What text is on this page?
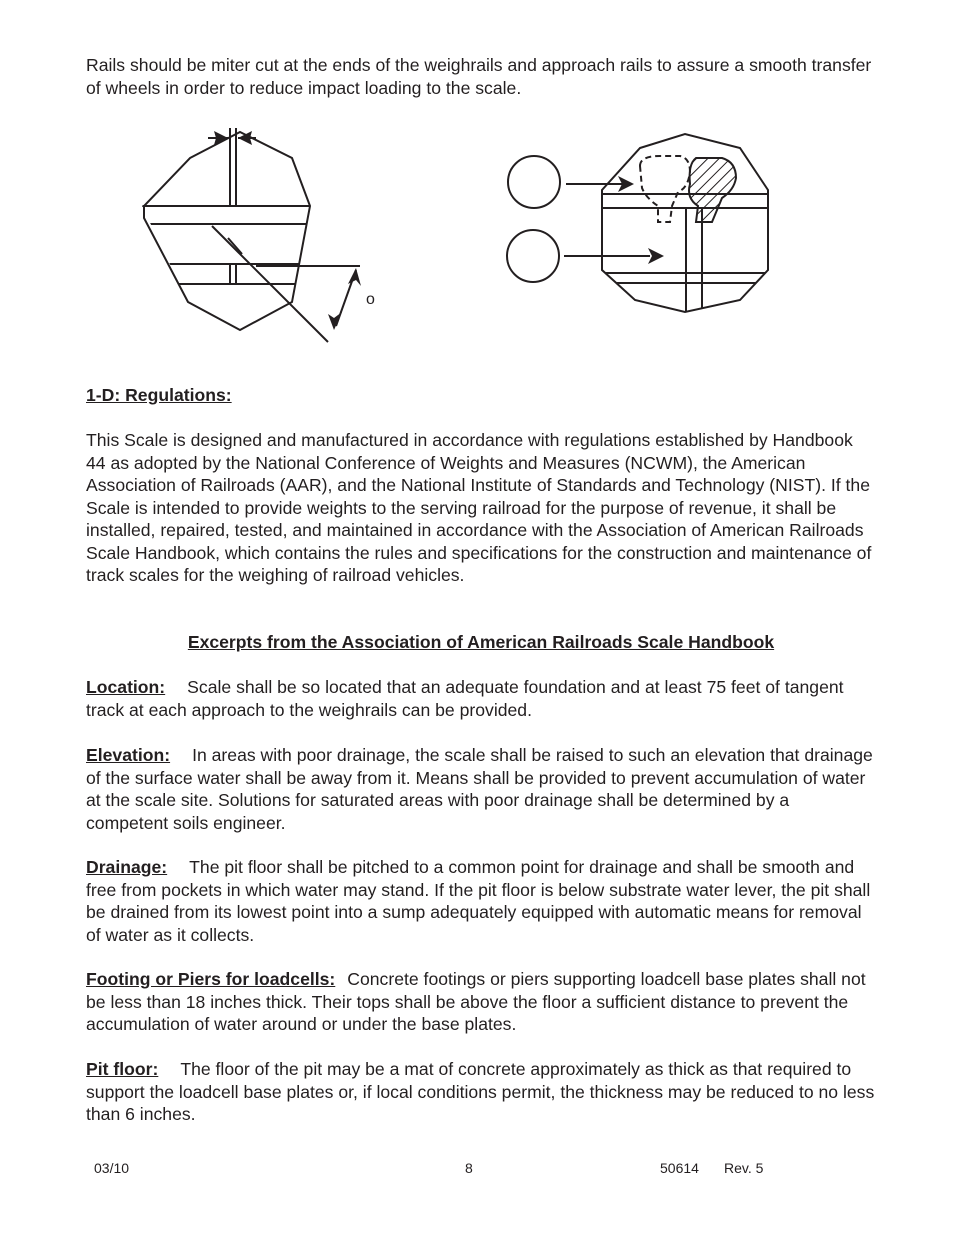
Rails should be miter cut at the ends of the weighrails and approach rails to assure a smooth transfer of wheels in order to reduce impact loading to the scale.

o
1-D: Regulations:

This Scale is designed and manufactured in accordance with regulations established by Handbook 44 as adopted by the National Conference of Weights and Measures (NCWM), the American Association of Railroads (AAR), and the National Institute of Standards and Technology (NIST). If the Scale is intended to provide weights to the serving railroad for the purpose of revenue, it shall be installed, repaired, tested, and maintained in accordance with the Association of American Railroads Scale Handbook, which contains the rules and specifications for the construction and maintenance of track scales for the weighing of railroad vehicles.

Excerpts from the Association of American Railroads Scale Handbook

Location: Scale shall be so located that an adequate foundation and at least 75 feet of tangent track at each approach to the weighrails can be provided.

Elevation: In areas with poor drainage, the scale shall be raised to such an elevation that drainage of the surface water shall be away from it. Means shall be provided to prevent accumulation of water at the scale site. Solutions for saturated areas with poor drainage shall be determined by a competent soils engineer.

Drainage: The pit floor shall be pitched to a common point for drainage and shall be smooth and free from pockets in which water may stand. If the pit floor is below substrate water lever, the pit shall be drained from its lowest point into a sump adequately equipped with automatic means for removal of water as it collects.

Footing or Piers for loadcells: Concrete footings or piers supporting loadcell base plates shall not be less than 18 inches thick. Their tops shall be above the floor a sufficient distance to prevent the accumulation of water around or under the base plates.

Pit floor: The floor of the pit may be a mat of concrete approximately as thick as that required to support the loadcell base plates or, if local conditions permit, the thickness may be reduced to no less than 6 inches.

03/10	8	50614 Rev. 5
